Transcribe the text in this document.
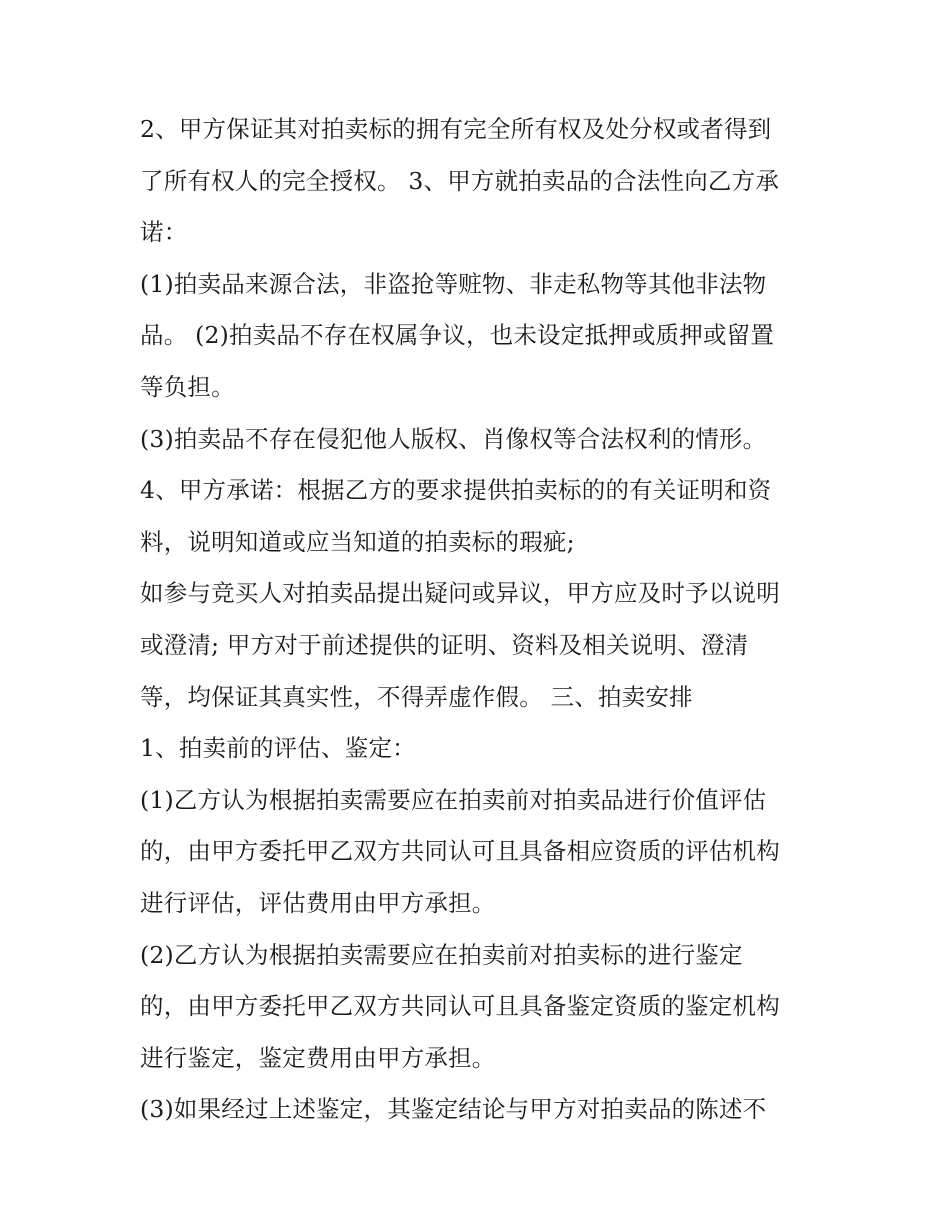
2、甲方保证其对拍卖标的拥有完全所有权及处分权或者得到
了所有权人的完全授权。 3、甲方就拍卖品的合法性向乙方承
诺：
(1)拍卖品来源合法，非盗抢等赃物、非走私物等其他非法物
品。 (2)拍卖品不存在权属争议，也未设定抵押或质押或留置
等负担。
(3)拍卖品不存在侵犯他人版权、肖像权等合法权利的情形。
4、甲方承诺：根据乙方的要求提供拍卖标的的有关证明和资
料，说明知道或应当知道的拍卖标的瑕疵;
如参与竞买人对拍卖品提出疑问或异议，甲方应及时予以说明
或澄清; 甲方对于前述提供的证明、资料及相关说明、澄清
等，均保证其真实性，不得弄虚作假。 三、拍卖安排
1、拍卖前的评估、鉴定：
(1)乙方认为根据拍卖需要应在拍卖前对拍卖品进行价值评估
的，由甲方委托甲乙双方共同认可且具备相应资质的评估机构
进行评估，评估费用由甲方承担。
(2)乙方认为根据拍卖需要应在拍卖前对拍卖标的进行鉴定
的，由甲方委托甲乙双方共同认可且具备鉴定资质的鉴定机构
进行鉴定，鉴定费用由甲方承担。
(3)如果经过上述鉴定，其鉴定结论与甲方对拍卖品的陈述不
